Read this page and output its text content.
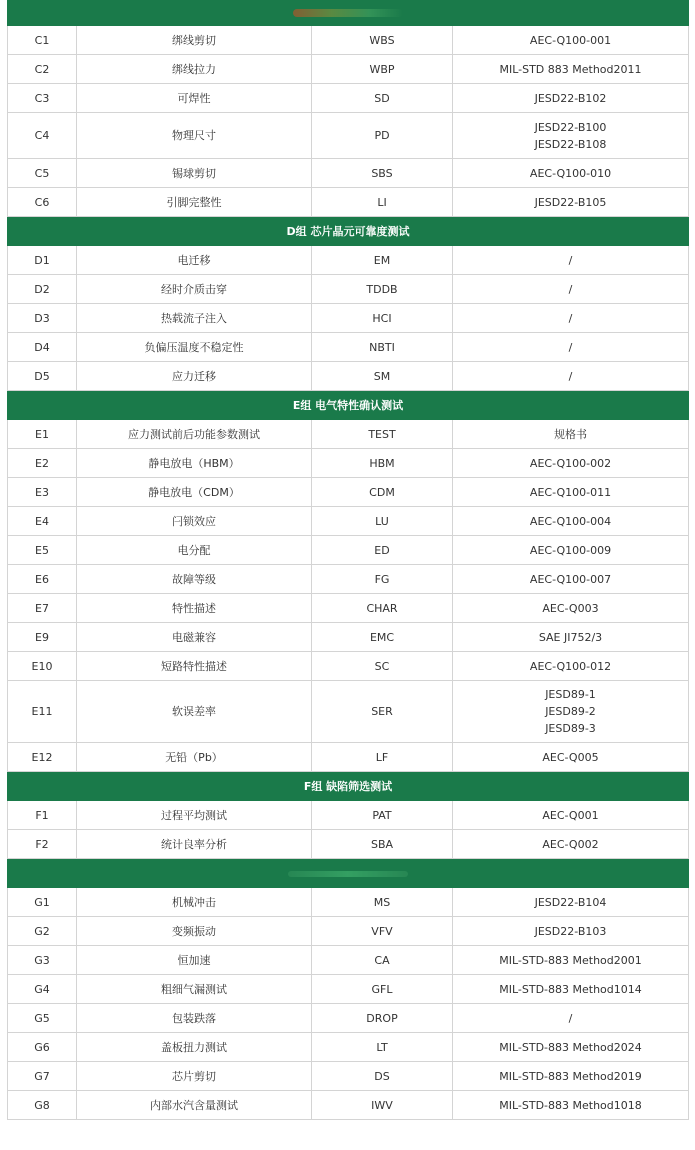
C1	绑线剪切	WBS	AEC-Q100-001

C2	绑线拉力	WBP	MIL-STD 883 Method2011

C3	可焊性	SD	JESD22-B102

C4	物理尺寸	PD	JESD22-B100
JESD22-B108

C5	锡球剪切	SBS	AEC-Q100-010

C6	引脚完整性	LI	JESD22-B105

D组 芯片晶元可靠度测试			
D1	电迁移	EM	/

D2	经时介质击穿	TDDB	/

D3	热载流子注入	HCI	/

D4	负偏压温度不稳定性	NBTI	/

D5	应力迁移	SM	/

E组 电气特性确认测试			
E1	应力测试前后功能参数测试	TEST	规格书

E2	静电放电（HBM）	HBM	AEC-Q100-002

E3	静电放电（CDM）	CDM	AEC-Q100-011

E4	闩锁效应	LU	AEC-Q100-004

E5	电分配	ED	AEC-Q100-009

E6	故障等级	FG	AEC-Q100-007

E7	特性描述	CHAR	AEC-Q003

E9	电磁兼容	EMC	SAE JI752/3

E10	短路特性描述	SC	AEC-Q100-012

E11	软误差率	SER	JESD89-1
JESD89-2
JESD89-3

E12	无铅（Pb）	LF	AEC-Q005

F组 缺陷筛选测试			
F1	过程平均测试	PAT	AEC-Q001

F2	统计良率分析	SBA	AEC-Q002

G1	机械冲击	MS	JESD22-B104

G2	变频振动	VFV	JESD22-B103

G3	恒加速	CA	MIL-STD-883 Method2001

G4	粗细气漏测试	GFL	MIL-STD-883 Method1014

G5	包装跌落	DROP	/

G6	盖板扭力测试	LT	MIL-STD-883 Method2024

G7	芯片剪切	DS	MIL-STD-883 Method2019

G8	内部水汽含量测试	IWV	MIL-STD-883 Method1018
